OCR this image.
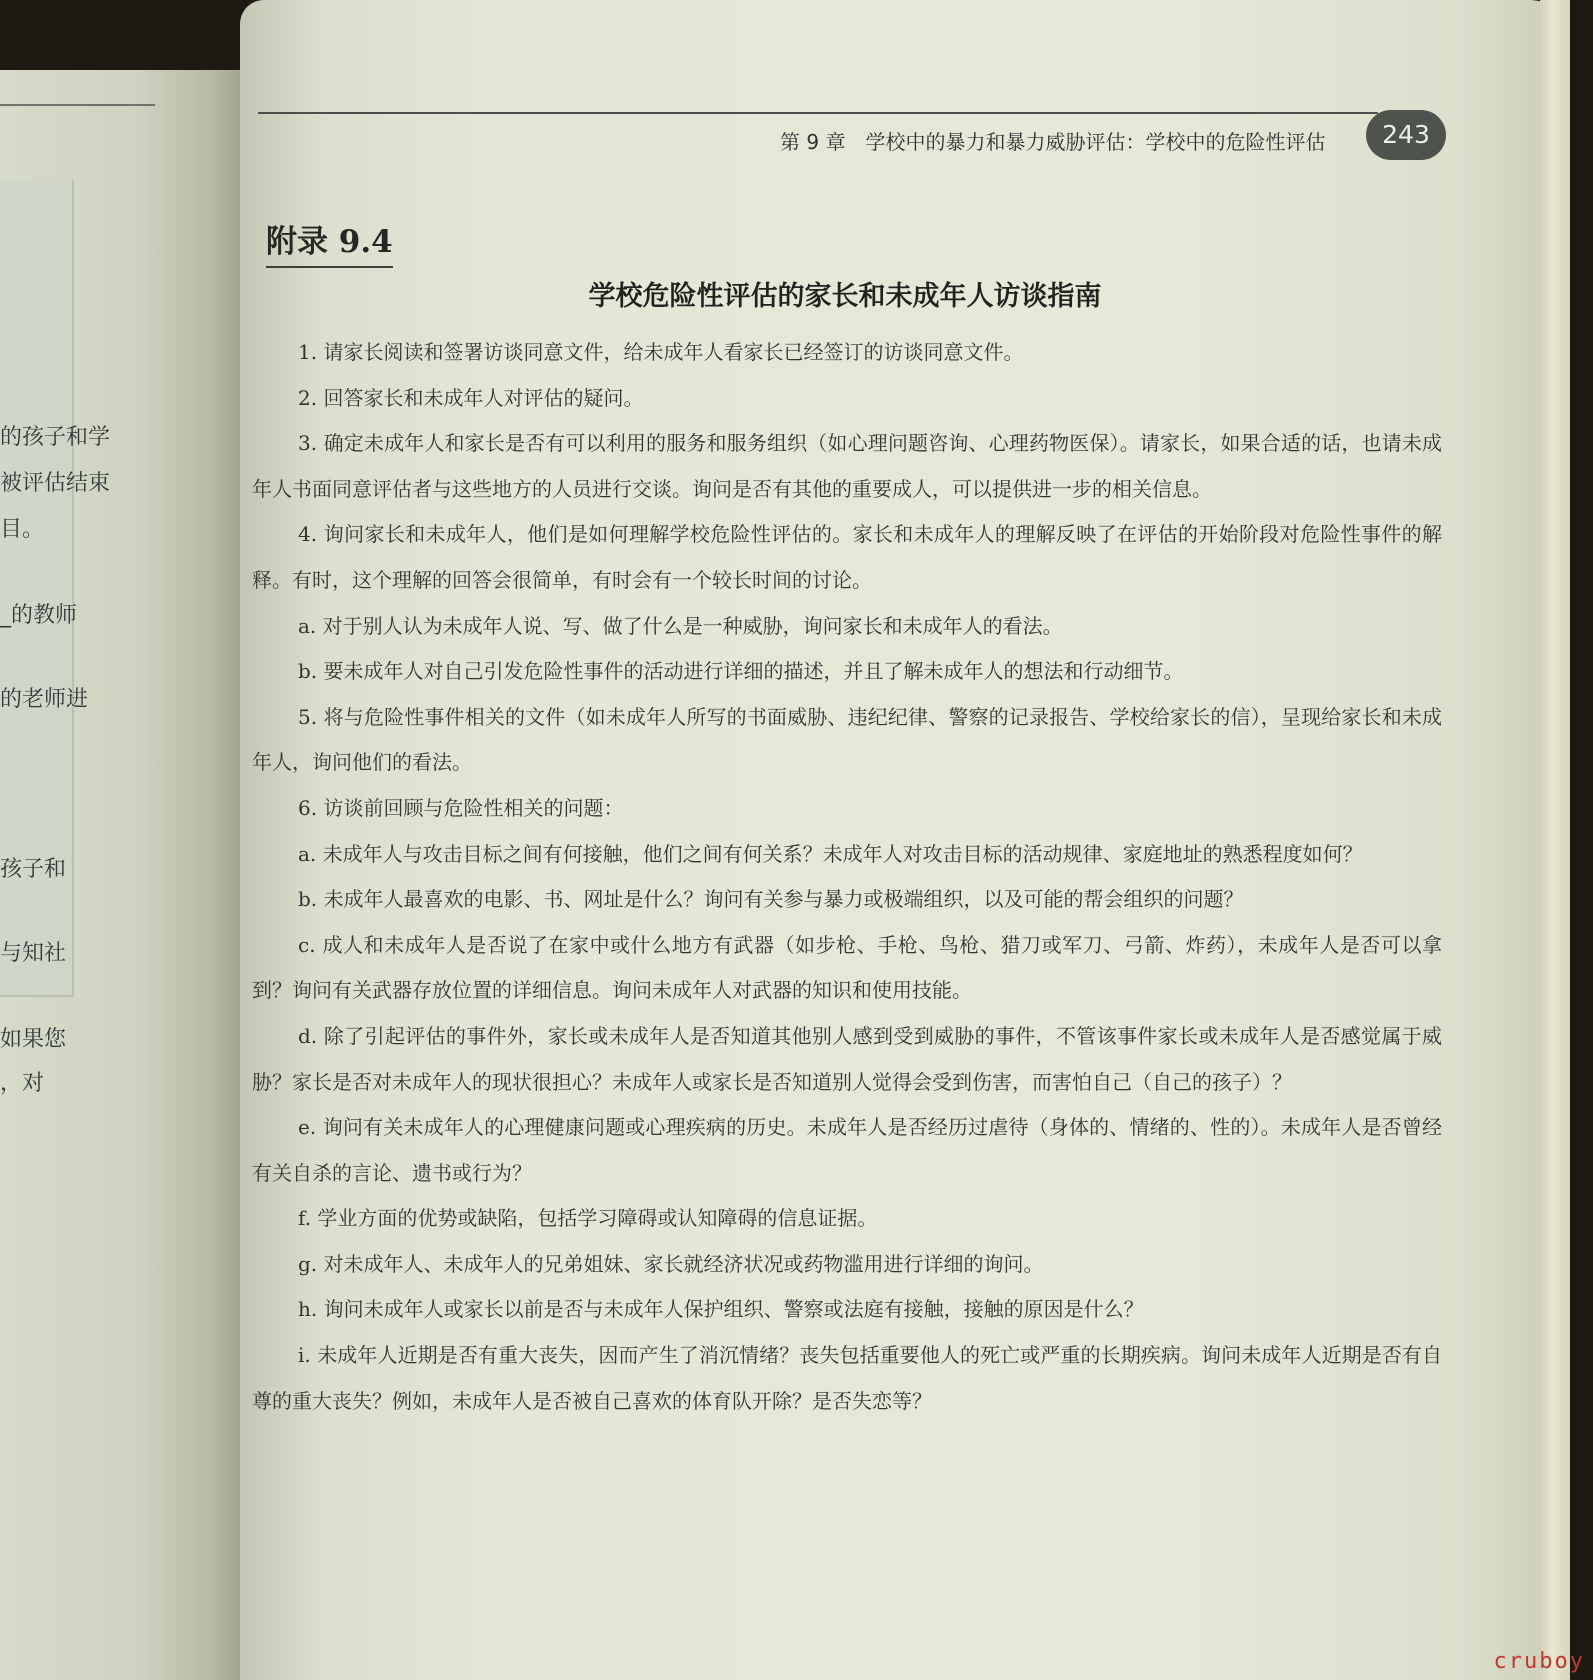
的孩子和学
被评估结束
目。
_的教师
的老师进
孩子和
与知社
如果您
，对
第 9 章　学校中的暴力和暴力威胁评估：学校中的危险性评估	243
附录 9.4
学校危险性评估的家长和未成年人访谈指南

1. 请家长阅读和签署访谈同意文件，给未成年人看家长已经签订的访谈同意文件。

2. 回答家长和未成年人对评估的疑问。

3. 确定未成年人和家长是否有可以利用的服务和服务组织（如心理问题咨询、心理药物医保）。请家长，如果合适的话，也请未成年人书面同意评估者与这些地方的人员进行交谈。询问是否有其他的重要成人，可以提供进一步的相关信息。

4. 询问家长和未成年人，他们是如何理解学校危险性评估的。家长和未成年人的理解反映了在评估的开始阶段对危险性事件的解释。有时，这个理解的回答会很简单，有时会有一个较长时间的讨论。

a. 对于别人认为未成年人说、写、做了什么是一种威胁，询问家长和未成年人的看法。

b. 要未成年人对自己引发危险性事件的活动进行详细的描述，并且了解未成年人的想法和行动细节。

5. 将与危险性事件相关的文件（如未成年人所写的书面威胁、违纪纪律、警察的记录报告、学校给家长的信），呈现给家长和未成年人，询问他们的看法。

6. 访谈前回顾与危险性相关的问题：

a. 未成年人与攻击目标之间有何接触，他们之间有何关系？未成年人对攻击目标的活动规律、家庭地址的熟悉程度如何？

b. 未成年人最喜欢的电影、书、网址是什么？询问有关参与暴力或极端组织，以及可能的帮会组织的问题？

c. 成人和未成年人是否说了在家中或什么地方有武器（如步枪、手枪、鸟枪、猎刀或军刀、弓箭、炸药），未成年人是否可以拿到？询问有关武器存放位置的详细信息。询问未成年人对武器的知识和使用技能。

d. 除了引起评估的事件外，家长或未成年人是否知道其他别人感到受到威胁的事件，不管该事件家长或未成年人是否感觉属于威胁？家长是否对未成年人的现状很担心？未成年人或家长是否知道别人觉得会受到伤害，而害怕自己（自己的孩子）？

e. 询问有关未成年人的心理健康问题或心理疾病的历史。未成年人是否经历过虐待（身体的、情绪的、性的）。未成年人是否曾经有关自杀的言论、遗书或行为？

f. 学业方面的优势或缺陷，包括学习障碍或认知障碍的信息证据。

g. 对未成年人、未成年人的兄弟姐妹、家长就经济状况或药物滥用进行详细的询问。

h. 询问未成年人或家长以前是否与未成年人保护组织、警察或法庭有接触，接触的原因是什么？

i. 未成年人近期是否有重大丧失，因而产生了消沉情绪？丧失包括重要他人的死亡或严重的长期疾病。询问未成年人近期是否有自尊的重大丧失？例如，未成年人是否被自己喜欢的体育队开除？是否失恋等？

cruboy
